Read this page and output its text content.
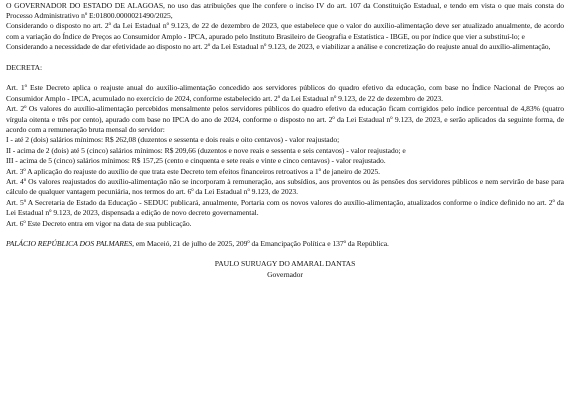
O GOVERNADOR DO ESTADO DE ALAGOAS, no uso das atribuições que lhe confere o inciso IV do art. 107 da Constituição Estadual, e tendo em vista o que mais consta do Processo Administrativo nº E:01800.0000021490/2025,

Considerando o disposto no art. 2º da Lei Estadual nº 9.123, de 22 de dezembro de 2023, que estabelece que o valor do auxílio-alimentação deve ser atualizado anualmente, de acordo com a variação do Índice de Preços ao Consumidor Amplo - IPCA, apurado pelo Instituto Brasileiro de Geografia e Estatística - IBGE, ou por índice que vier a substituí-lo; e

Considerando a necessidade de dar efetividade ao disposto no art. 2º da Lei Estadual nº 9.123, de 2023, e viabilizar a análise e concretização do reajuste anual do auxílio-alimentação,

DECRETA:

Art. 1º Este Decreto aplica o reajuste anual do auxílio-alimentação concedido aos servidores públicos do quadro efetivo da educação, com base no Índice Nacional de Preços ao Consumidor Amplo - IPCA, acumulado no exercício de 2024, conforme estabelecido art. 2º da Lei Estadual nº 9.123, de 22 de dezembro de 2023.

Art. 2º Os valores do auxílio-alimentação percebidos mensalmente pelos servidores públicos do quadro efetivo da educação ficam corrigidos pelo índice percentual de 4,83% (quatro vírgula oitenta e três por cento), apurado com base no IPCA do ano de 2024, conforme o disposto no art. 2º da Lei Estadual nº 9.123, de 2023, e serão aplicados da seguinte forma, de acordo com a remuneração bruta mensal do servidor:

I - até 2 (dois) salários mínimos: R$ 262,08 (duzentos e sessenta e dois reais e oito centavos) - valor reajustado;

II - acima de 2 (dois) até 5 (cinco) salários mínimos: R$ 209,66 (duzentos e nove reais e sessenta e seis centavos) - valor reajustado; e

III - acima de 5 (cinco) salários mínimos: R$ 157,25 (cento e cinquenta e sete reais e vinte e cinco centavos) - valor reajustado.

Art. 3º A aplicação do reajuste do auxílio de que trata este Decreto tem efeitos financeiros retroativos a 1º de janeiro de 2025.

Art. 4º Os valores reajustados do auxílio-alimentação não se incorporam à remuneração, aos subsídios, aos proventos ou às pensões dos servidores públicos e nem servirão de base para cálculo de qualquer vantagem pecuniária, nos termos do art. 6º da Lei Estadual nº 9.123, de 2023.

Art. 5º A Secretaria de Estado da Educação - SEDUC publicará, anualmente, Portaria com os novos valores do auxílio-alimentação, atualizados conforme o índice definido no art. 2º da Lei Estadual nº 9.123, de 2023, dispensada a edição de novo decreto governamental.

Art. 6º Este Decreto entra em vigor na data de sua publicação.

PALÁCIO REPÚBLICA DOS PALMARES, em Maceió, 21 de julho de 2025, 209º da Emancipação Política e 137º da República.
PAULO SURUAGY DO AMARAL DANTAS
Governador
